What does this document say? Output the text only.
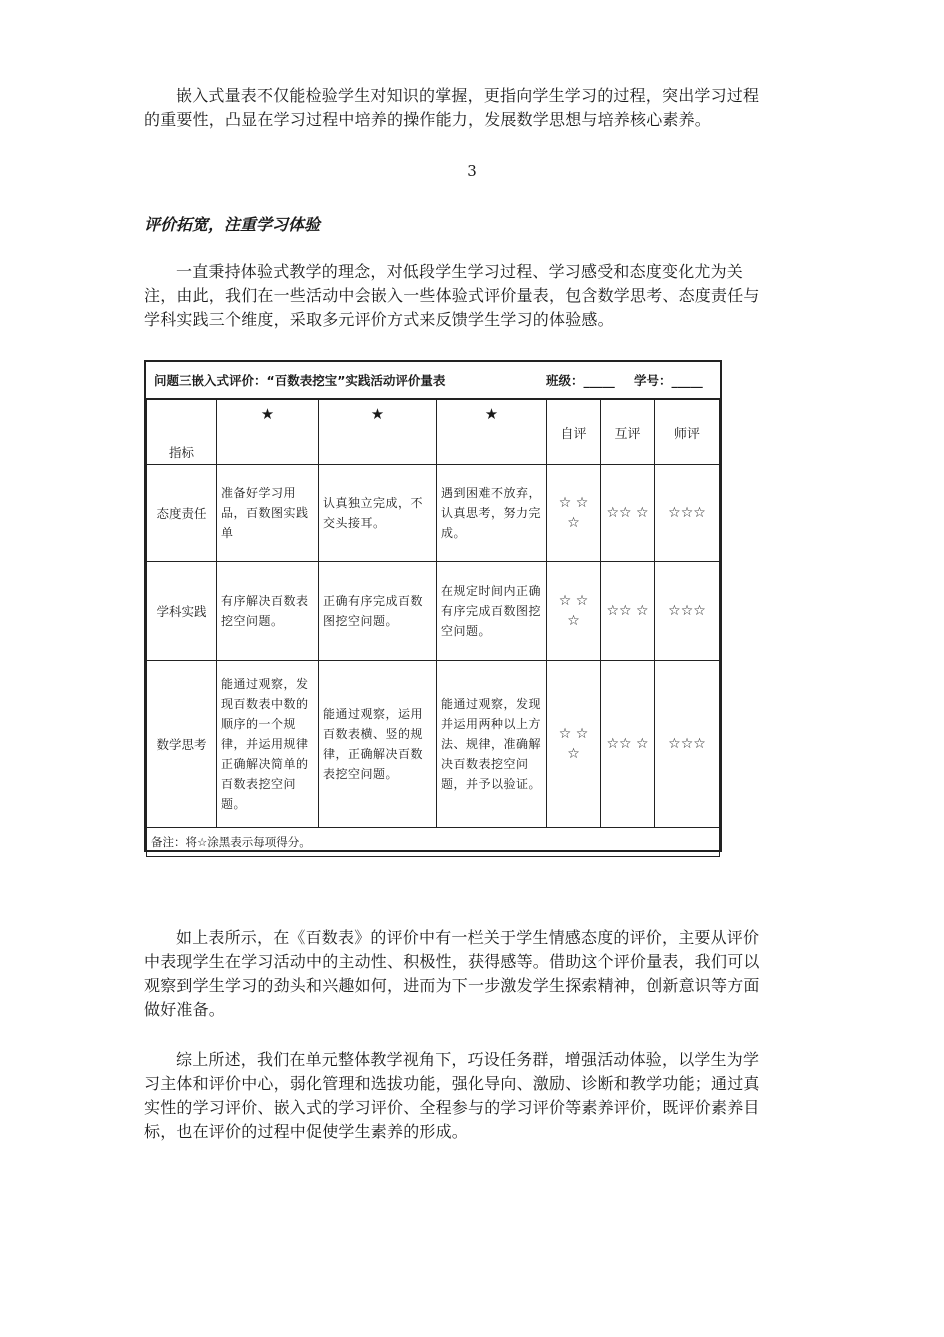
嵌入式量表不仅能检验学生对知识的掌握，更指向学生学习的过程，突出学习过程的重要性，凸显在学习过程中培养的操作能力，发展数学思想与培养核心素养。

3
评价拓宽，注重学习体验

一直秉持体验式教学的理念，对低段学生学习过程、学习感受和态度变化尤为关注，由此，我们在一些活动中会嵌入一些体验式评价量表，包含数学思考、态度责任与学科实践三个维度，采取多元评价方式来反馈学生学习的体验感。

问题三嵌入式评价：“百数表挖宝”实践活动评价量表	班级：_____	学号：_____
指标	★	★	★	自评	互评	师评
态度责任	准备好学习用品，百数图实践单	认真独立完成，不交头接耳。	遇到困难不放弃，认真思考，努力完成。	☆ ☆ ☆	☆☆ ☆	☆☆☆
学科实践	有序解决百数表挖空问题。	正确有序完成百数图挖空问题。	在规定时间内正确有序完成百数图挖空问题。	☆ ☆ ☆	☆☆ ☆	☆☆☆
数学思考	能通过观察，发现百数表中数的顺序的一个规律，并运用规律正确解决简单的百数表挖空问题。	能通过观察，运用百数表横、竖的规律，正确解决百数表挖空问题。	能通过观察，发现并运用两种以上方法、规律，准确解决百数表挖空问题，并予以验证。	☆ ☆ ☆	☆☆ ☆	☆☆☆
备注：将☆涂黑表示每项得分。						

如上表所示，在《百数表》的评价中有一栏关于学生情感态度的评价，主要从评价中表现学生在学习活动中的主动性、积极性，获得感等。借助这个评价量表，我们可以观察到学生学习的劲头和兴趣如何，进而为下一步激发学生探索精神，创新意识等方面做好准备。

综上所述，我们在单元整体教学视角下，巧设任务群，增强活动体验，以学生为学习主体和评价中心，弱化管理和选拔功能，强化导向、激励、诊断和教学功能；通过真实性的学习评价、嵌入式的学习评价、全程参与的学习评价等素养评价，既评价素养目标，也在评价的过程中促使学生素养的形成。
